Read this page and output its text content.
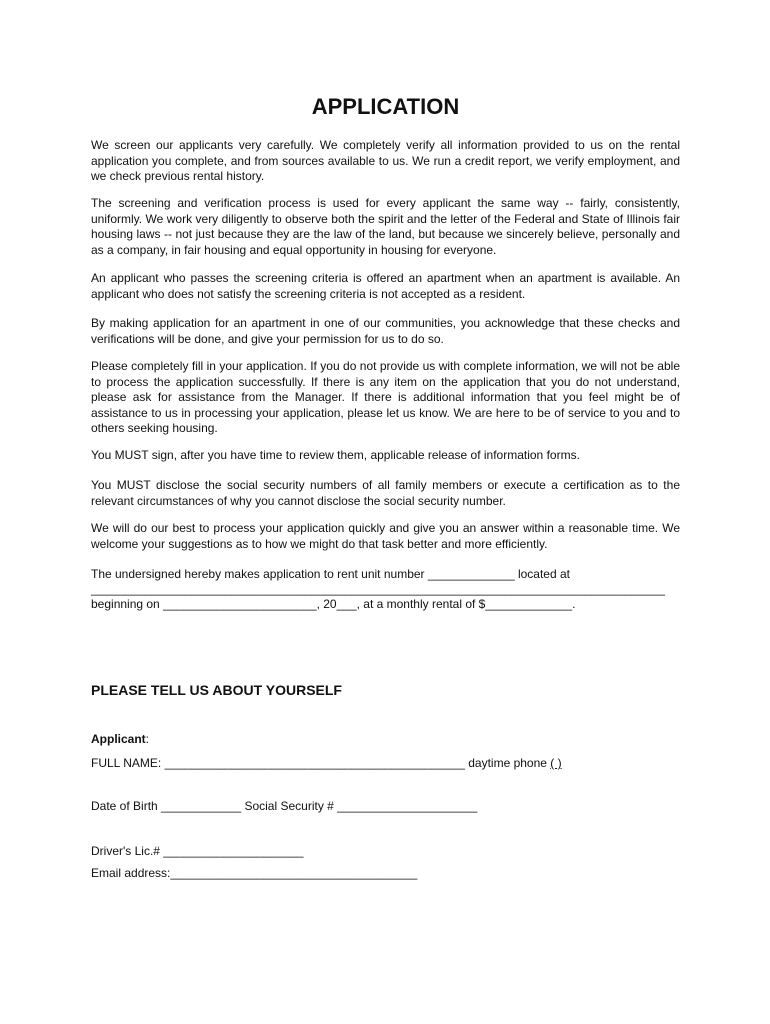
APPLICATION

We screen our applicants very carefully. We completely verify all information provided to us on the rental application you complete, and from sources available to us. We run a credit report, we verify employment, and we check previous rental history.

The screening and verification process is used for every applicant the same way -- fairly, consistently, uniformly. We work very diligently to observe both the spirit and the letter of the Federal and State of Illinois fair housing laws -- not just because they are the law of the land, but because we sincerely believe, personally and as a company, in fair housing and equal opportunity in housing for everyone.

An applicant who passes the screening criteria is offered an apartment when an apartment is available. An applicant who does not satisfy the screening criteria is not accepted as a resident.

By making application for an apartment in one of our communities, you acknowledge that these checks and verifications will be done, and give your permission for us to do so.

Please completely fill in your application. If you do not provide us with complete information, we will not be able to process the application successfully. If there is any item on the application that you do not understand, please ask for assistance from the Manager. If there is additional information that you feel might be of assistance to us in processing your application, please let us know. We are here to be of service to you and to others seeking housing.

You MUST sign, after you have time to review them, applicable release of information forms.

You MUST disclose the social security numbers of all family members or execute a certification as to the relevant circumstances of why you cannot disclose the social security number.

We will do our best to process your application quickly and give you an answer within a reasonable time. We welcome your suggestions as to how we might do that task better and more efficiently.

The undersigned hereby makes application to rent unit number _____________ located at
______________________________________________________________________________________
beginning on _______________________, 20___, at a monthly rental of $_____________.
PLEASE TELL US ABOUT YOURSELF
Applicant:
FULL NAME: _____________________________________________ daytime phone ( )
Date of Birth ____________ Social Security # _____________________
Driver's Lic.# _____________________
Email address:_____________________________________
